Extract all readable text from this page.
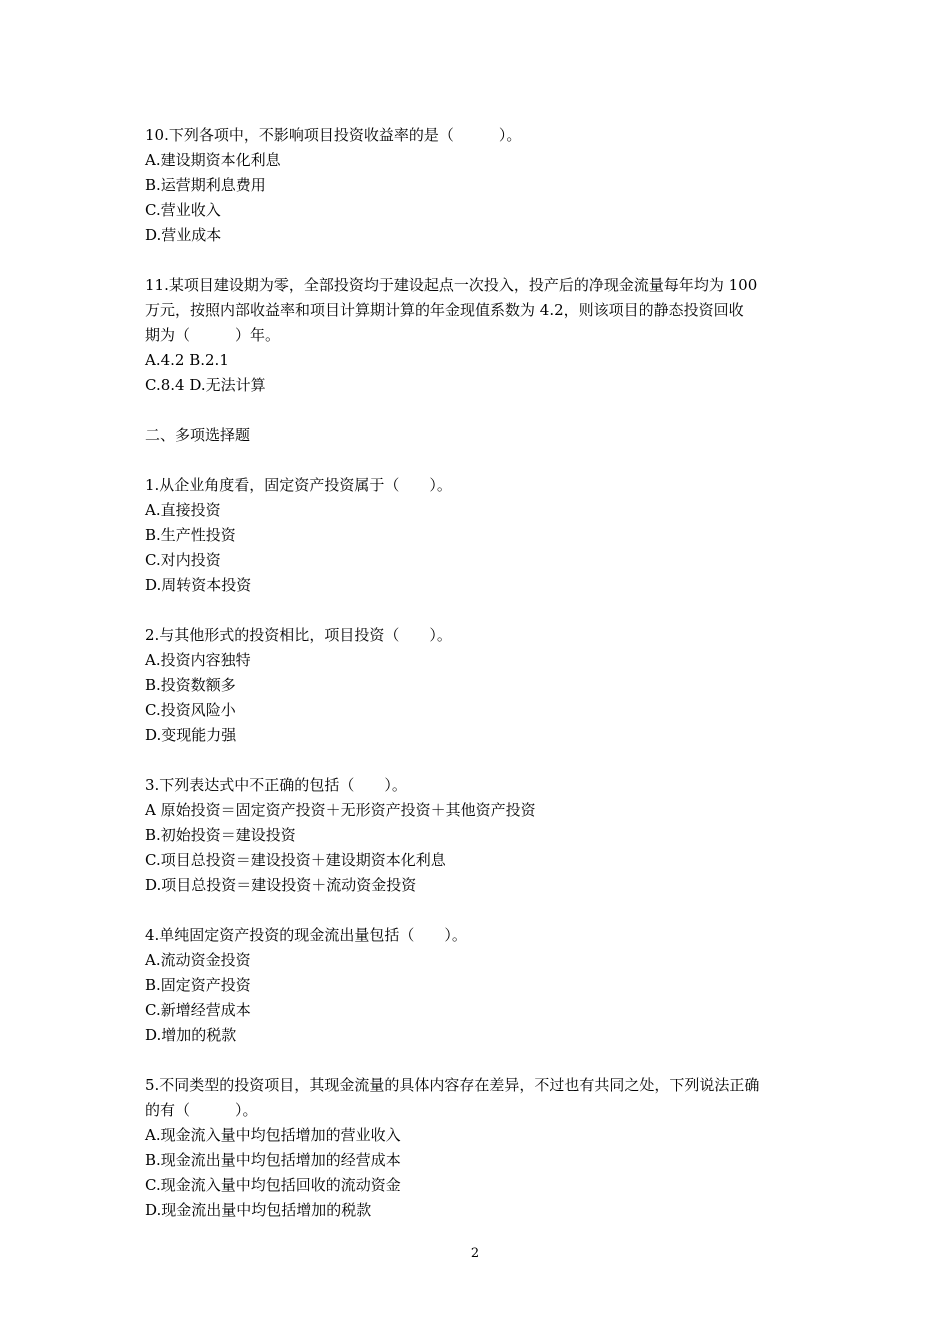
10.下列各项中，不影响项目投资收益率的是（　　　）。
A.建设期资本化利息
B.运营期利息费用
C.营业收入
D.营业成本
11.某项目建设期为零，全部投资均于建设起点一次投入，投产后的净现金流量每年均为 100
万元，按照内部收益率和项目计算期计算的年金现值系数为 4.2，则该项目的静态投资回收
期为（　　　）年。
A.4.2 B.2.1
C.8.4 D.无法计算
二、多项选择题
1.从企业角度看，固定资产投资属于（　　）。
A.直接投资
B.生产性投资
C.对内投资
D.周转资本投资
2.与其他形式的投资相比，项目投资（　　）。
A.投资内容独特
B.投资数额多
C.投资风险小
D.变现能力强
3.下列表达式中不正确的包括（　　）。
A 原始投资＝固定资产投资＋无形资产投资＋其他资产投资
B.初始投资＝建设投资
C.项目总投资＝建设投资＋建设期资本化利息
D.项目总投资＝建设投资＋流动资金投资
4.单纯固定资产投资的现金流出量包括（　　）。
A.流动资金投资
B.固定资产投资
C.新增经营成本
D.增加的税款
5.不同类型的投资项目，其现金流量的具体内容存在差异，不过也有共同之处，下列说法正确
的有（　　　）。
A.现金流入量中均包括增加的营业收入
B.现金流出量中均包括增加的经营成本
C.现金流入量中均包括回收的流动资金
D.现金流出量中均包括增加的税款
2
